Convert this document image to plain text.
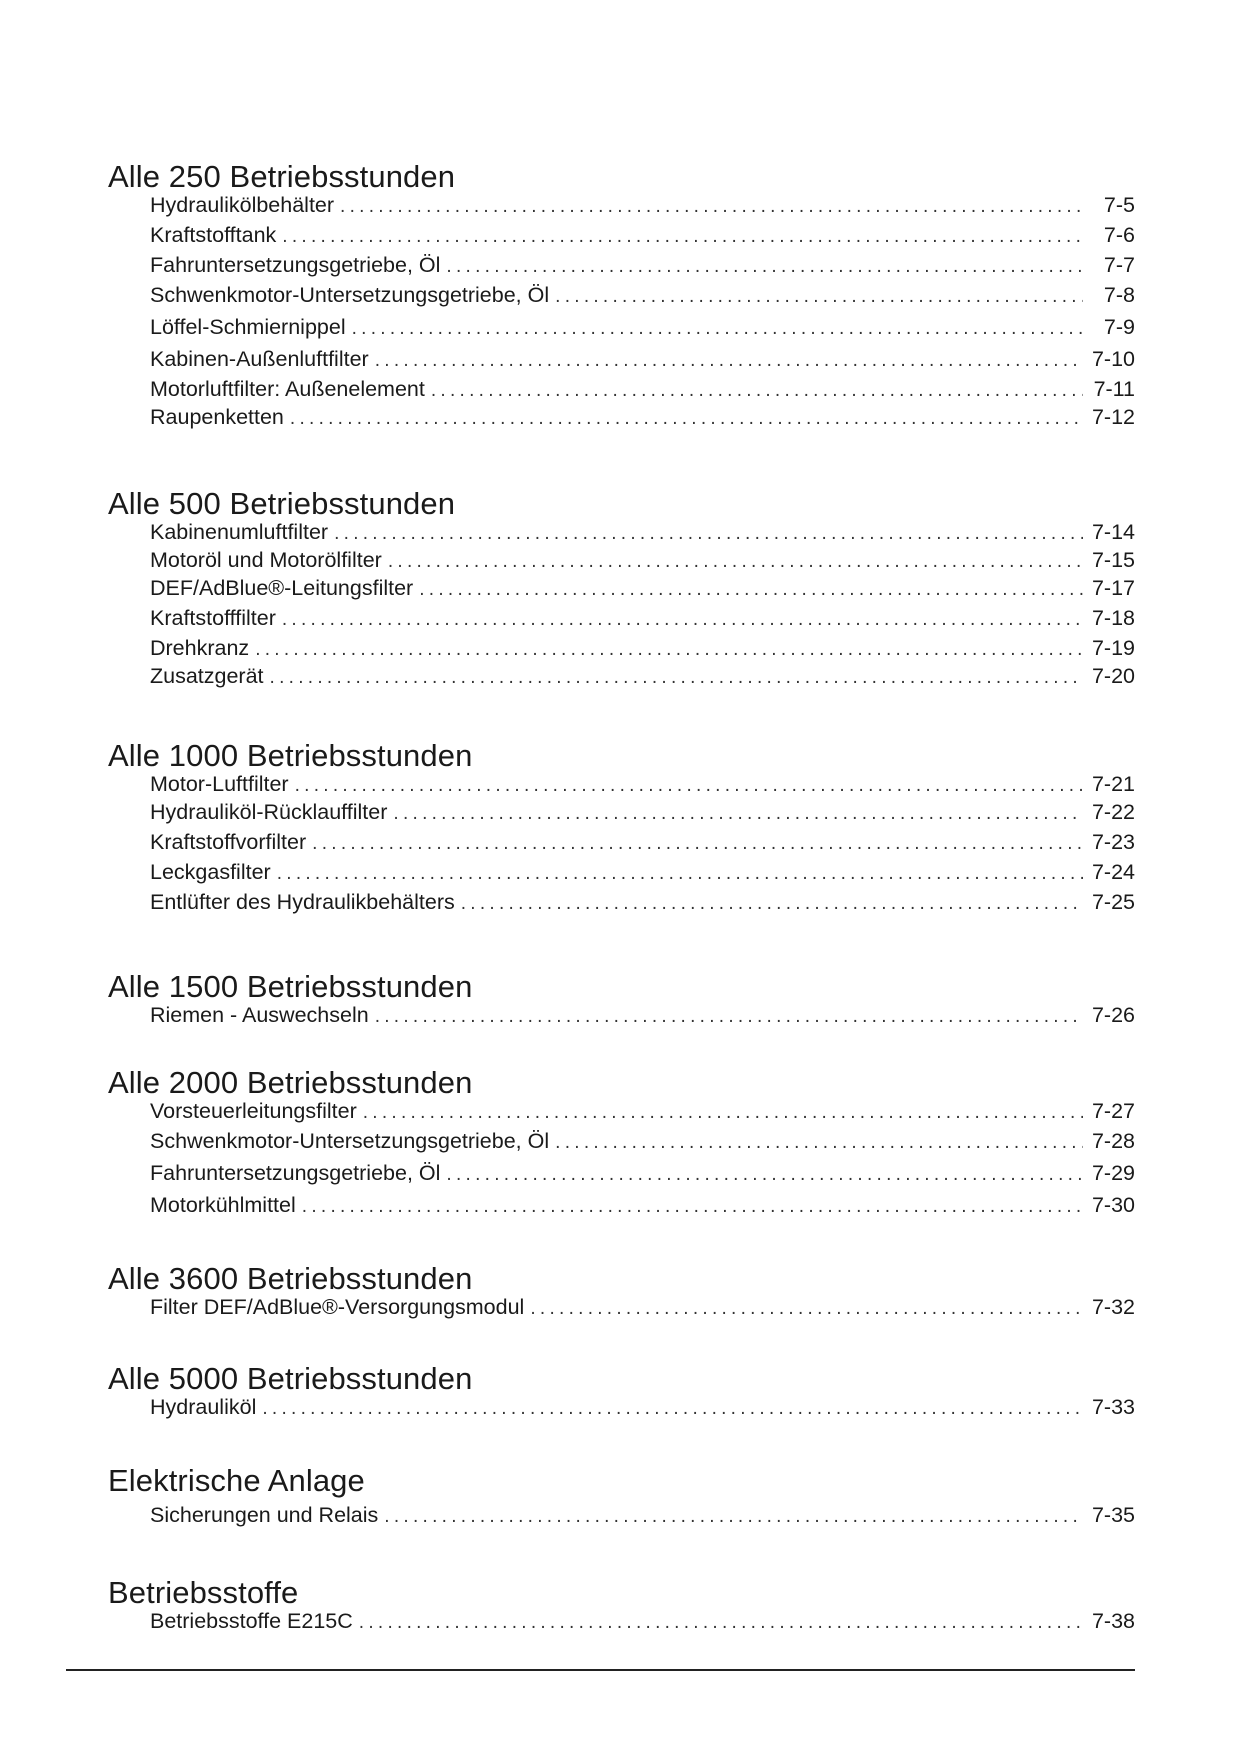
Alle 250 Betriebsstunden
Hydraulikölbehälter . . .	7-5
Kraftstofftank . . .	7-6
Fahruntersetzungsgetriebe, Öl . . .	7-7
Schwenkmotor-Untersetzungsgetriebe, Öl . . .	7-8
Löffel-Schmiernippel . . .	7-9
Kabinen-Außenluftfilter . . .	7-10
Motorluftfilter: Außenelement . . .	7-11
Raupenketten . . .	7-12
Alle 500 Betriebsstunden
Kabinenumluftfilter . . .	7-14
Motoröl und Motorölfilter . . .	7-15
DEF/AdBlue®-Leitungsfilter . . .	7-17
Kraftstofffilter . . .	7-18
Drehkranz . . .	7-19
Zusatzgerät . . .	7-20
Alle 1000 Betriebsstunden
Motor-Luftfilter . . .	7-21
Hydrauliköl-Rücklauffilter . . .	7-22
Kraftstoffvorfilter . . .	7-23
Leckgasfilter . . .	7-24
Entlüfter des Hydraulikbehälters . . .	7-25
Alle 1500 Betriebsstunden
Riemen - Auswechseln . . .	7-26
Alle 2000 Betriebsstunden
Vorsteuerleitungsfilter . . .	7-27
Schwenkmotor-Untersetzungsgetriebe, Öl . . .	7-28
Fahruntersetzungsgetriebe, Öl . . .	7-29
Motorkühlmittel . . .	7-30
Alle 3600 Betriebsstunden
Filter DEF/AdBlue®-Versorgungsmodul . . .	7-32
Alle 5000 Betriebsstunden
Hydrauliköl . . .	7-33
Elektrische Anlage
Sicherungen und Relais . . .	7-35
Betriebsstoffe
Betriebsstoffe E215C . . .	7-38
